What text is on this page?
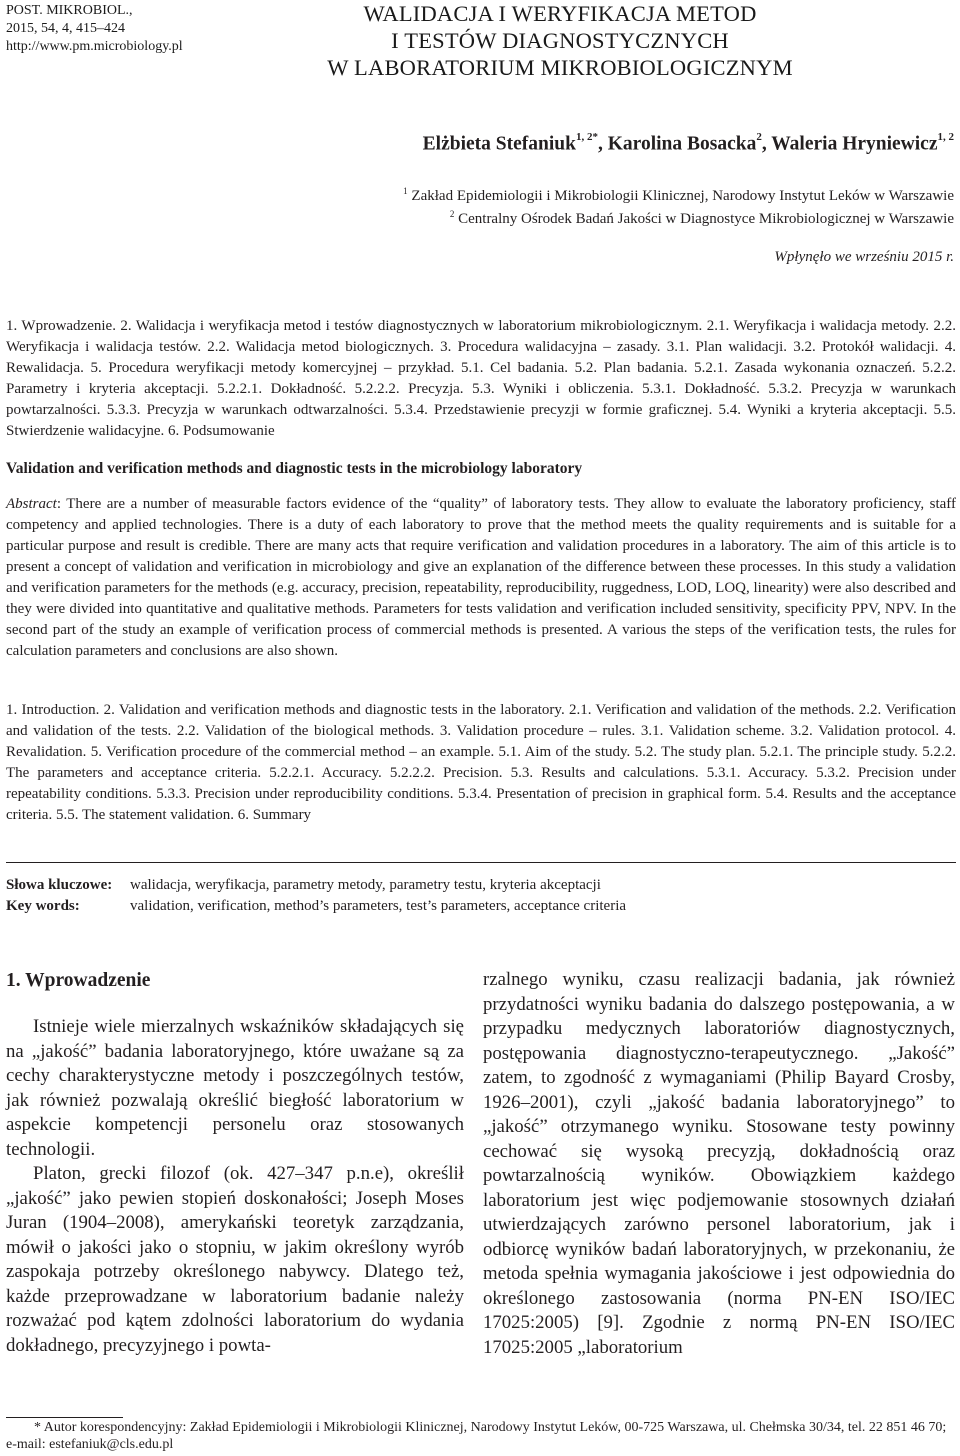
POST. MIKROBIOL.,
2015, 54, 4, 415–424
http://www.pm.microbiology.pl
WALIDACJA I WERYFIKACJA METOD
I TESTÓW DIAGNOSTYCZNYCH
W LABORATORIUM MIKROBIOLOGICZNYM
Elżbieta Stefaniuk$^{1, 2*}$, Karolina Bosacka$^2$, Waleria Hryniewicz$^{1, 2}$
$^1$ Zakład Epidemiologii i Mikrobiologii Klinicznej, Narodowy Instytut Leków w Warszawie
$^2$ Centralny Ośrodek Badań Jakości w Diagnostyce Mikrobiologicznej w Warszawie
Wpłynęło we wrześniu 2015 r.

1. Wprowadzenie. 2. Walidacja i weryfikacja metod i testów diagnostycznych w laboratorium mikrobiologicznym. 2.1. Weryfikacja i walidacja metody. 2.2. Weryfikacja i walidacja testów. 2.2. Walidacja metod biologicznych. 3. Procedura walidacyjna – zasady. 3.1. Plan walidacji. 3.2. Protokół walidacji. 4. Rewalidacja. 5. Procedura weryfikacji metody komercyjnej – przykład. 5.1. Cel badania. 5.2. Plan badania. 5.2.1. Zasada wykonania oznaczeń. 5.2.2. Parametry i kryteria akceptacji. 5.2.2.1. Dokładność. 5.2.2.2. Precyzja. 5.3. Wyniki i obliczenia. 5.3.1. Dokładność. 5.3.2. Precyzja w warunkach powtarzalności. 5.3.3. Precyzja w warunkach odtwarzalności. 5.3.4. Przedstawienie precyzji w formie graficznej. 5.4. Wyniki a kryteria akceptacji. 5.5. Stwierdzenie walidacyjne. 6. Podsumowanie

Validation and verification methods and diagnostic tests in the microbiology laboratory

Abstract: There are a number of measurable factors evidence of the “quality” of laboratory tests. They allow to evaluate the laboratory proficiency, staff competency and applied technologies. There is a duty of each laboratory to prove that the method meets the quality requirements and is suitable for a particular purpose and result is credible. There are many acts that require verification and validation procedures in a laboratory. The aim of this article is to present a concept of validation and verification in microbiology and give an explanation of the difference between these processes. In this study a validation and verification parameters for the methods (e.g. accuracy, precision, repeatability, reproducibility, ruggedness, LOD, LOQ, linearity) were also described and they were divided into quantitative and qualitative methods. Parameters for tests validation and verification included sensitivity, specificity PPV, NPV. In the second part of the study an example of verification process of commercial methods is presented. A various the steps of the verification tests, the rules for calculation parameters and conclusions are also shown.

1. Introduction. 2. Validation and verification methods and diagnostic tests in the laboratory. 2.1. Verification and validation of the methods. 2.2. Verification and validation of the tests. 2.2. Validation of the biological methods. 3. Validation procedure – rules. 3.1. Validation scheme. 3.2. Validation protocol. 4. Revalidation. 5. Verification procedure of the commercial method – an example. 5.1. Aim of the study. 5.2. The study plan. 5.2.1. The principle study. 5.2.2. The parameters and acceptance criteria. 5.2.2.1. Accuracy. 5.2.2.2. Precision. 5.3. Results and calculations. 5.3.1. Accuracy. 5.3.2. Precision under repeatability conditions. 5.3.3. Precision under reproducibility conditions. 5.3.4. Presentation of precision in graphical form. 5.4. Results and the acceptance criteria. 5.5. The statement validation. 6. Summary

Słowa kluczowe:	walidacja, weryfikacja, parametry metody, parametry testu, kryteria akceptacji
Key words:	validation, verification, method’s parameters, test’s parameters, acceptance criteria
1. Wprowadzenie

Istnieje wiele mierzalnych wskaźników składających się na „jakość” badania laboratoryjnego, które uważane są za cechy charakterystyczne metody i poszczególnych testów, jak również pozwalają określić biegłość laboratorium w aspekcie kompetencji personelu oraz stosowanych technologii.

Platon, grecki filozof (ok. 427–347 p.n.e), określił „jakość” jako pewien stopień doskonałości; Joseph Moses Juran (1904–2008), amerykański teoretyk zarządzania, mówił o jakości jako o stopniu, w jakim określony wyrób zaspokaja potrzeby określonego nabywcy. Dlatego też, każde przeprowadzane w laboratorium badanie należy rozważać pod kątem zdolności laboratorium do wydania dokładnego, precyzyjnego i powta-

rzalnego wyniku, czasu realizacji badania, jak również przydatności wyniku badania do dalszego postępowania, a w przypadku medycznych laboratoriów diagnostycznych, postępowania diagnostyczno-terapeutycznego. „Jakość” zatem, to zgodność z wymaganiami (Philip Bayard Crosby, 1926–2001), czyli „jakość badania laboratoryjnego” to „jakość” otrzymanego wyniku. Stosowane testy powinny cechować się wysoką precyzją, dokładnością oraz powtarzalnością wyników. Obowiązkiem każdego laboratorium jest więc podjemowanie stosownych działań utwierdzających zarówno personel laboratorium, jak i odbiorcę wyników badań laboratoryjnych, w przekonaniu, że metoda spełnia wymagania jakościowe i jest odpowiednia do określonego zastosowania (norma PN-EN ISO/IEC 17025:2005) [9]. Zgodnie z normą PN-EN ISO/IEC 17025:2005 „laboratorium

* Autor korespondencyjny: Zakład Epidemiologii i Mikrobiologii Klinicznej, Narodowy Instytut Leków, 00-725 Warszawa, ul. Chełmska 30/34, tel. 22 851 46 70; e-mail: estefaniuk@cls.edu.pl
